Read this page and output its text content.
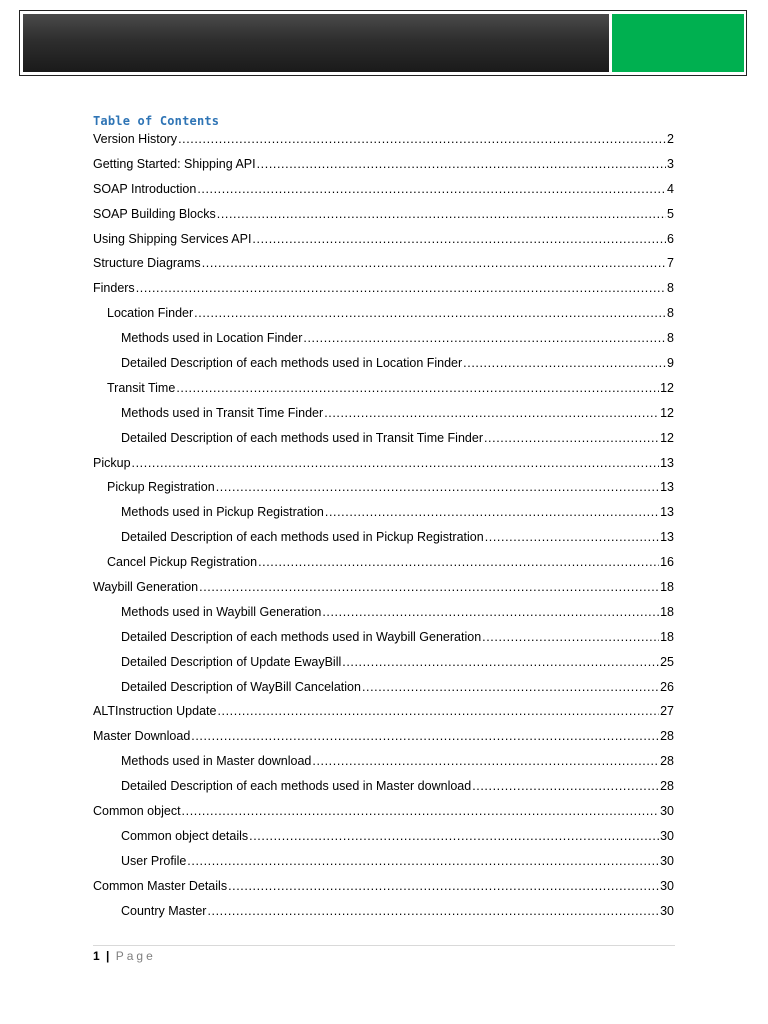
Table of Contents
Version History .....	2
Getting Started: Shipping API .....	3
SOAP Introduction .....	4
SOAP Building Blocks .....	5
Using Shipping Services API .....	6
Structure Diagrams .....	7
Finders .....	8
Location Finder .....	8
Methods used in Location Finder .....	8
Detailed Description of each methods used in Location Finder .....	9
Transit Time .....	12
Methods used in Transit Time Finder .....	12
Detailed Description of each methods used in Transit Time Finder .....	12
Pickup .....	13
Pickup Registration .....	13
Methods used in Pickup Registration .....	13
Detailed Description of each methods used in Pickup Registration .....	13
Cancel Pickup Registration .....	16
Waybill Generation .....	18
Methods used in Waybill Generation .....	18
Detailed Description of each methods used in Waybill Generation .....	18
Detailed Description of Update EwayBill .....	25
Detailed Description of WayBill Cancelation .....	26
ALTInstruction Update .....	27
Master Download .....	28
Methods used in Master download .....	28
Detailed Description of each methods used in Master download .....	28
Common object .....	30
Common object details .....	30
User Profile .....	30
Common Master Details .....	30
Country Master .....	30
1 | Page
